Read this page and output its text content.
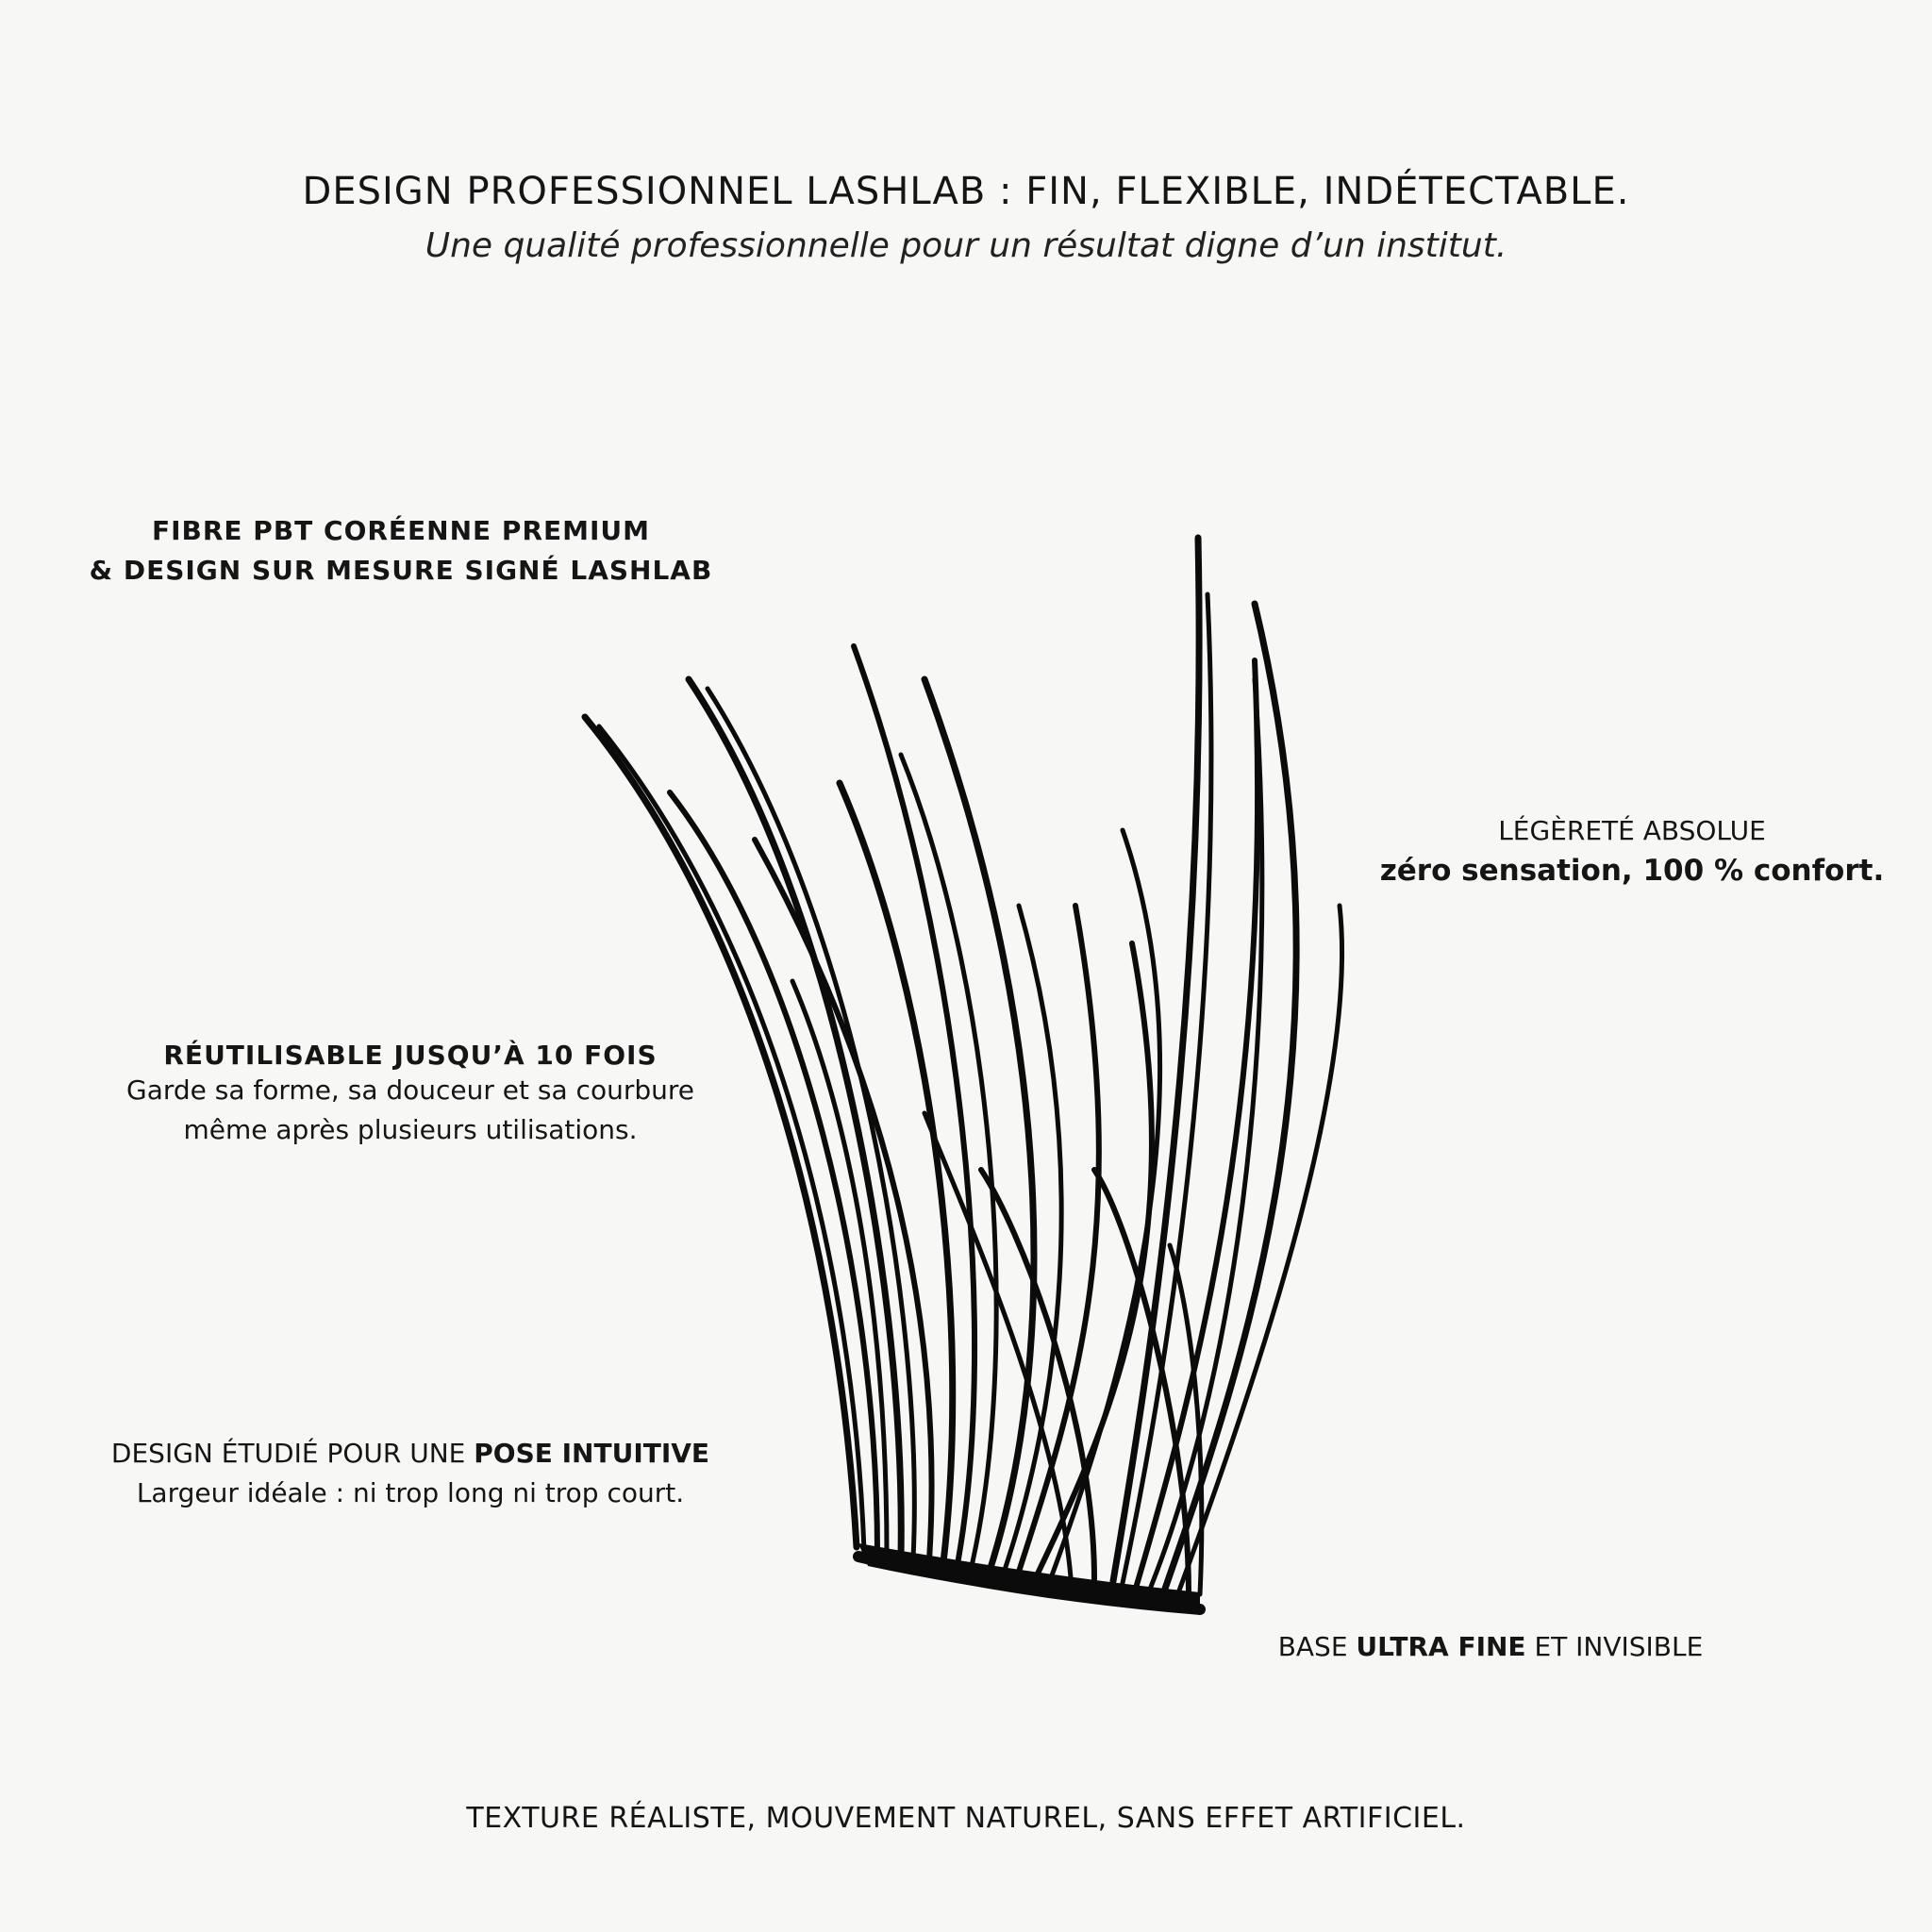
DESIGN PROFESSIONNEL LASHLAB : FIN, FLEXIBLE, INDÉTECTABLE.
Une qualité professionnelle pour un résultat digne d’un institut.
FIBRE PBT CORÉENNE PREMIUM
& DESIGN SUR MESURE SIGNÉ LASHLAB
RÉUTILISABLE JUSQU’À 10 FOIS
Garde sa forme, sa douceur et sa courbure
même après plusieurs utilisations.
DESIGN ÉTUDIÉ POUR UNE POSE INTUITIVE
Largeur idéale : ni trop long ni trop court.
LÉGÈRETÉ ABSOLUE
zéro sensation, 100 % confort.
BASE ULTRA FINE ET INVISIBLE
TEXTURE RÉALISTE, MOUVEMENT NATUREL, SANS EFFET ARTIFICIEL.
